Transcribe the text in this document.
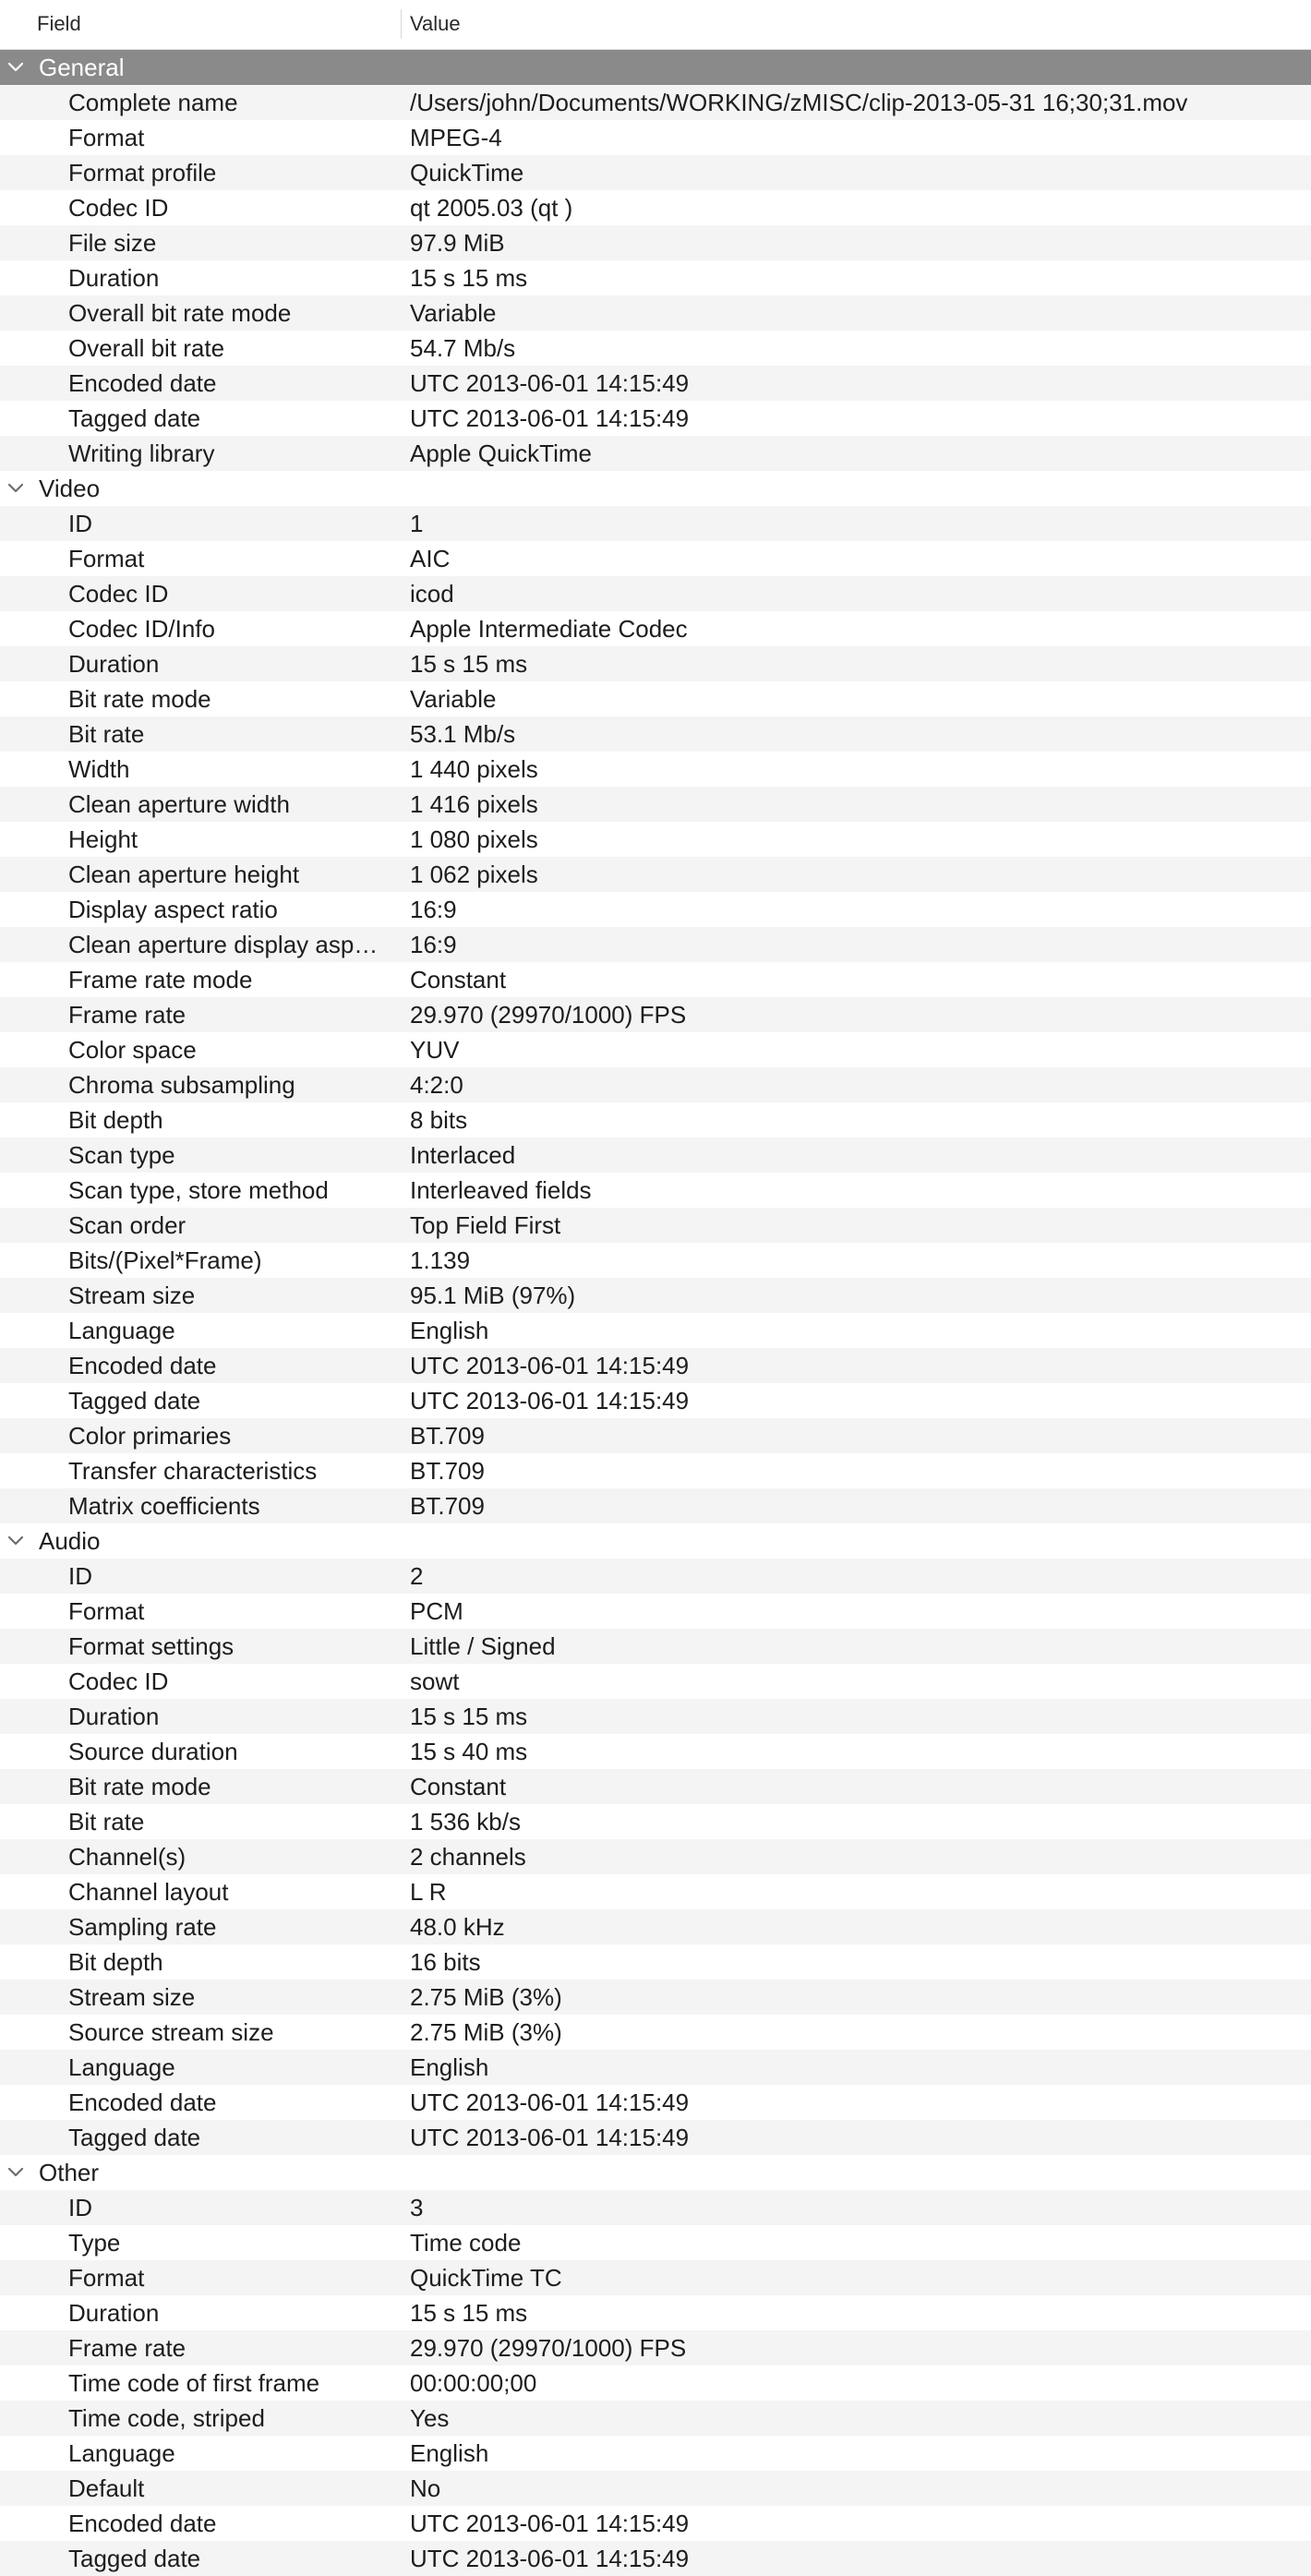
Field	Value
General
Complete name	/Users/john/Documents/WORKING/zMISC/clip-2013-05-31 16;30;31.mov
Format	MPEG-4
Format profile	QuickTime
Codec ID	qt 2005.03 (qt )
File size	97.9 MiB
Duration	15 s 15 ms
Overall bit rate mode	Variable
Overall bit rate	54.7 Mb/s
Encoded date	UTC 2013-06-01 14:15:49
Tagged date	UTC 2013-06-01 14:15:49
Writing library	Apple QuickTime
Video
ID	1
Format	AIC
Codec ID	icod
Codec ID/Info	Apple Intermediate Codec
Duration	15 s 15 ms
Bit rate mode	Variable
Bit rate	53.1 Mb/s
Width	1 440 pixels
Clean aperture width	1 416 pixels
Height	1 080 pixels
Clean aperture height	1 062 pixels
Display aspect ratio	16:9
Clean aperture display asp…	16:9
Frame rate mode	Constant
Frame rate	29.970 (29970/1000) FPS
Color space	YUV
Chroma subsampling	4:2:0
Bit depth	8 bits
Scan type	Interlaced
Scan type, store method	Interleaved fields
Scan order	Top Field First
Bits/(Pixel*Frame)	1.139
Stream size	95.1 MiB (97%)
Language	English
Encoded date	UTC 2013-06-01 14:15:49
Tagged date	UTC 2013-06-01 14:15:49
Color primaries	BT.709
Transfer characteristics	BT.709
Matrix coefficients	BT.709
Audio
ID	2
Format	PCM
Format settings	Little / Signed
Codec ID	sowt
Duration	15 s 15 ms
Source duration	15 s 40 ms
Bit rate mode	Constant
Bit rate	1 536 kb/s
Channel(s)	2 channels
Channel layout	L R
Sampling rate	48.0 kHz
Bit depth	16 bits
Stream size	2.75 MiB (3%)
Source stream size	2.75 MiB (3%)
Language	English
Encoded date	UTC 2013-06-01 14:15:49
Tagged date	UTC 2013-06-01 14:15:49
Other
ID	3
Type	Time code
Format	QuickTime TC
Duration	15 s 15 ms
Frame rate	29.970 (29970/1000) FPS
Time code of first frame	00:00:00;00
Time code, striped	Yes
Language	English
Default	No
Encoded date	UTC 2013-06-01 14:15:49
Tagged date	UTC 2013-06-01 14:15:49
